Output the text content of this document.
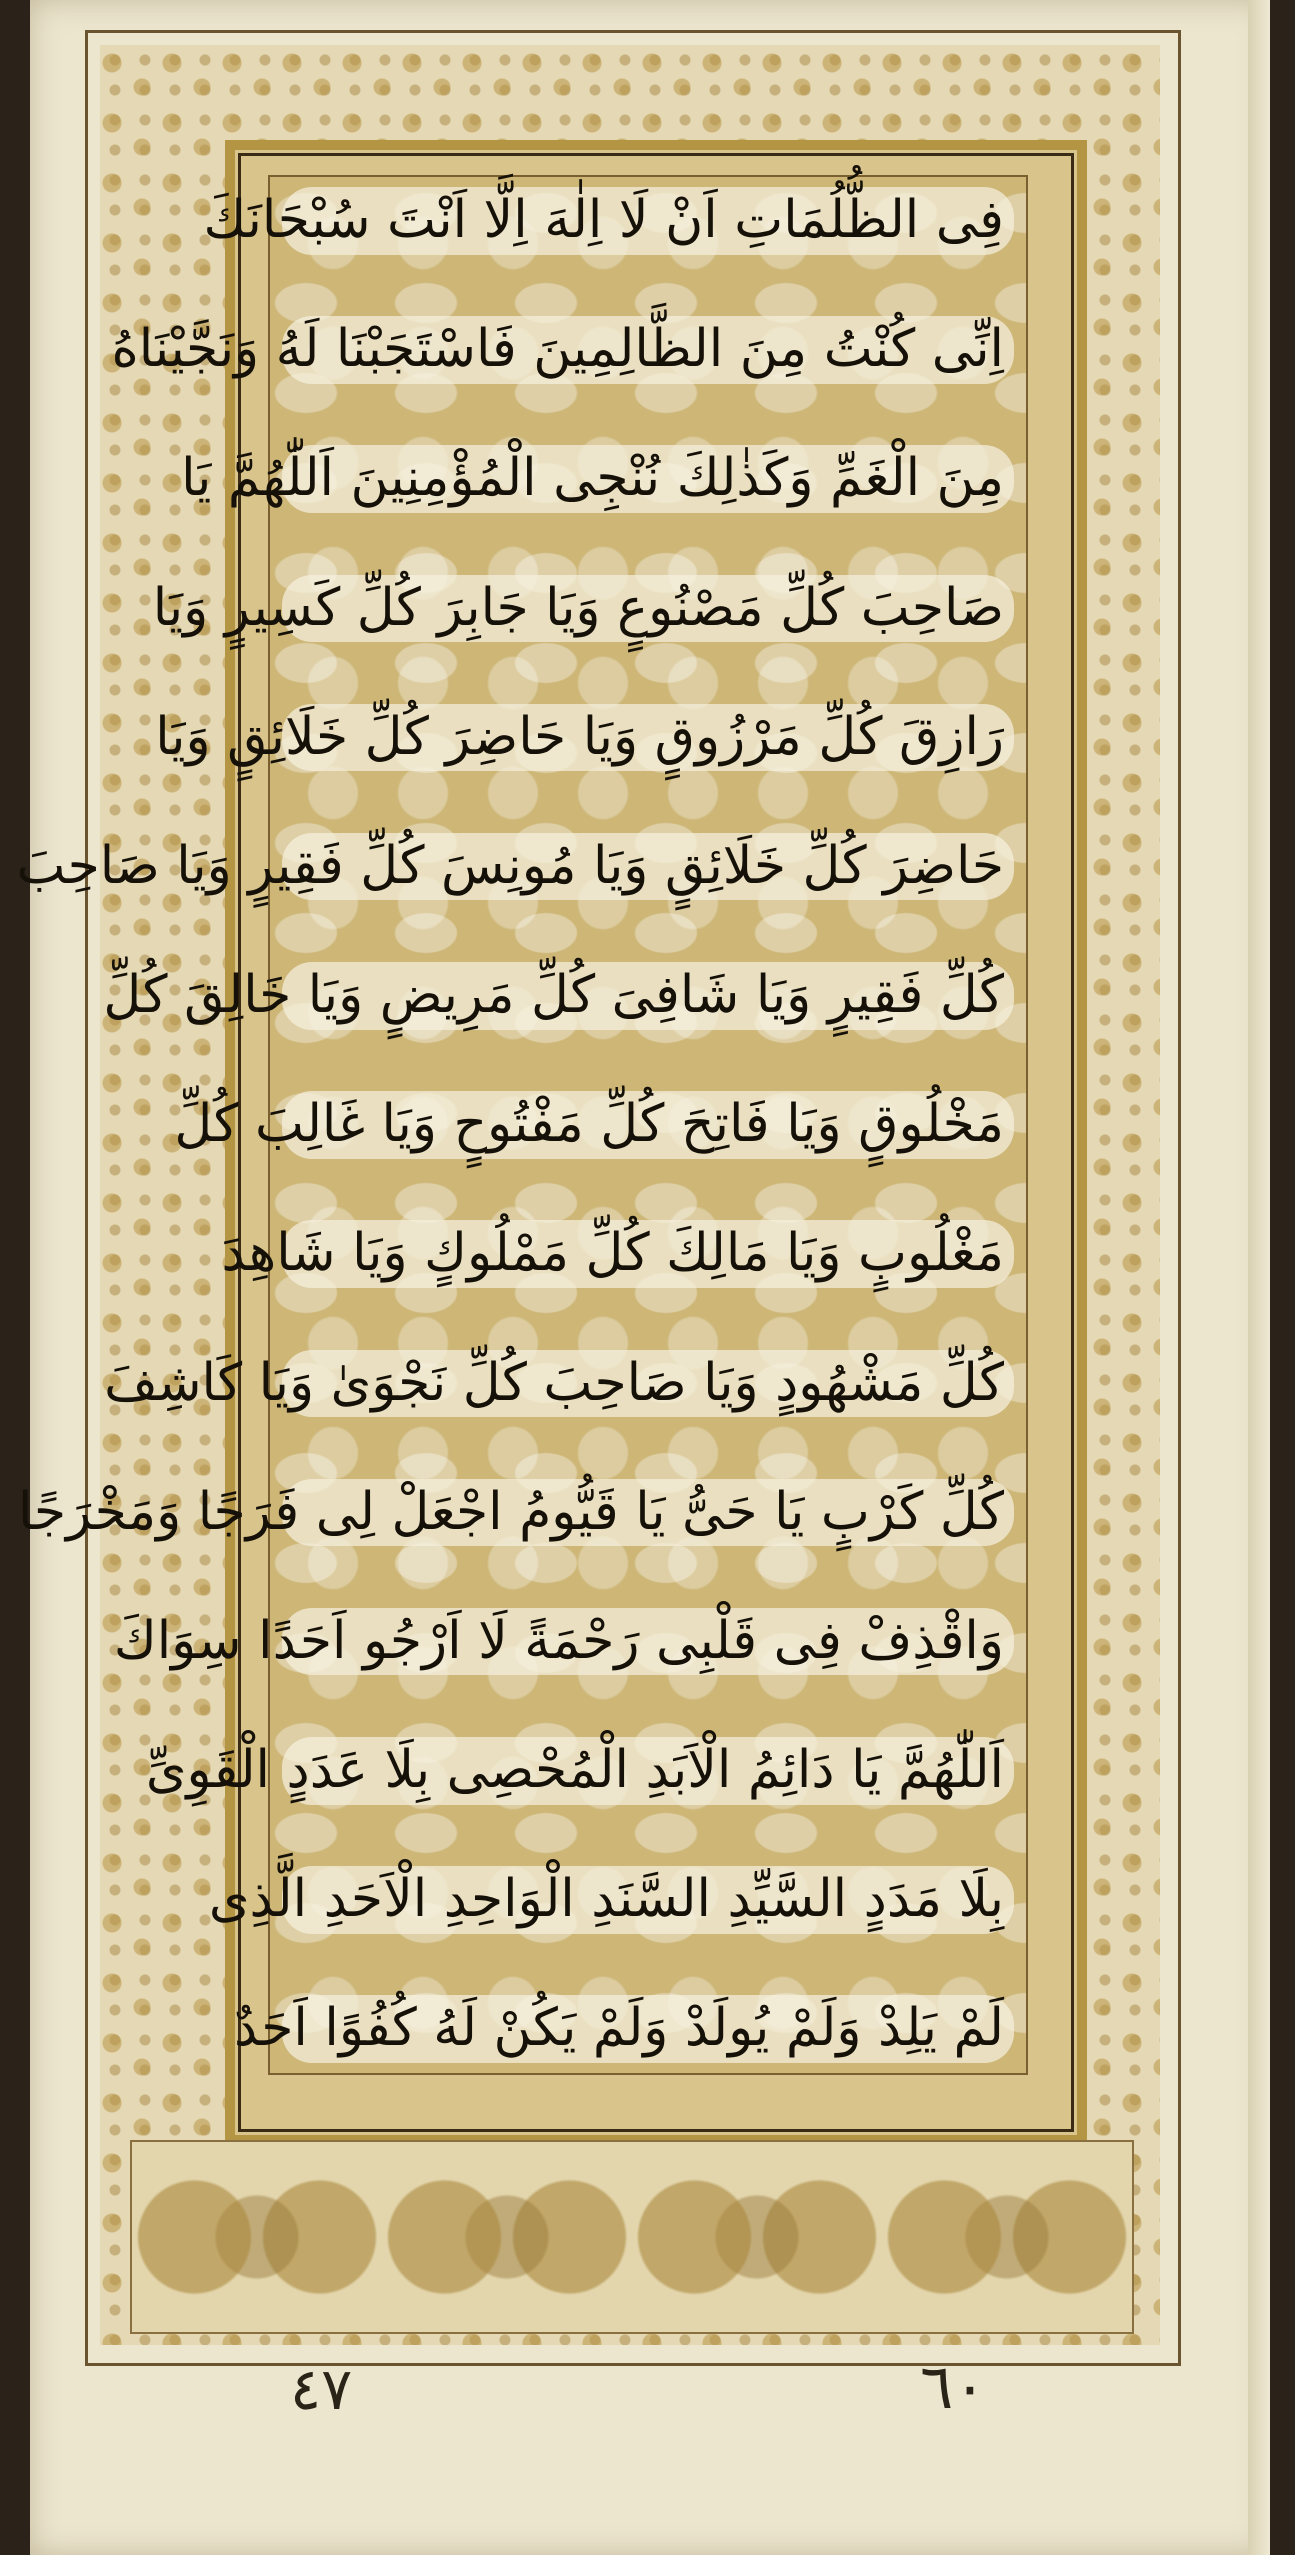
فِی الظُّلُمَاتِ اَنْ لَا اِلٰهَ اِلَّا اَنْتَ سُبْحَانَكَ
اِنِّی كُنْتُ مِنَ الظَّالِمِينَ فَاسْتَجَبْنَا لَهُ وَنَجَّيْنَاهُ
مِنَ الْغَمِّ وَكَذٰلِكَ نُنْجِی الْمُؤْمِنِينَ اَللّٰهُمَّ يَا
صَاحِبَ كُلِّ مَصْنُوعٍ وَيَا جَابِرَ كُلِّ كَسِيرٍ وَيَا
رَازِقَ كُلِّ مَرْزُوقٍ وَيَا حَاضِرَ كُلِّ خَلَائِقٍ وَيَا
حَاضِرَ كُلِّ خَلَائِقٍ وَيَا مُونِسَ كُلِّ فَقِيرٍ وَيَا صَاحِبَ
كُلِّ فَقِيرٍ وَيَا شَافِیَ كُلِّ مَرِيضٍ وَيَا خَالِقَ كُلِّ
مَخْلُوقٍ وَيَا فَاتِحَ كُلِّ مَفْتُوحٍ وَيَا غَالِبَ كُلِّ
مَغْلُوبٍ وَيَا مَالِكَ كُلِّ مَمْلُوكٍ وَيَا شَاهِدَ
كُلِّ مَشْهُودٍ وَيَا صَاحِبَ كُلِّ نَجْوَىٰ وَيَا كَاشِفَ
كُلِّ كَرْبٍ يَا حَیُّ يَا قَيُّومُ اجْعَلْ لِی فَرَجًا وَمَخْرَجًا
وَاقْذِفْ فِی قَلْبِی رَحْمَةً لَا اَرْجُو اَحَدًا سِوَاكَ
اَللّٰهُمَّ يَا دَائِمُ الْاَبَدِ الْمُحْصِی بِلَا عَدَدٍ الْقَوِیِّ
بِلَا مَدَدٍ السَّيِّدِ السَّنَدِ الْوَاحِدِ الْاَحَدِ الَّذِی
لَمْ يَلِدْ وَلَمْ يُولَدْ وَلَمْ يَكُنْ لَهُ كُفُوًا اَحَدٌ
٤٧	٦٠
